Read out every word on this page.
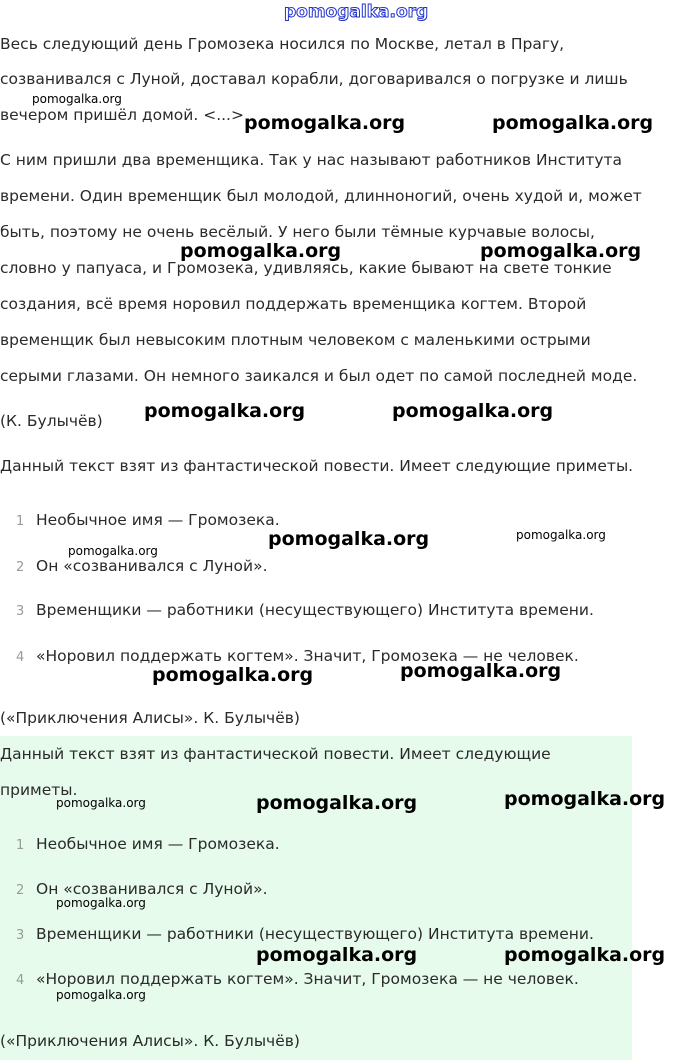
pomogalka.org
Весь следующий день Громозека носился по Москве, летал в Прагу,
созванивался с Луной, доставал корабли, договаривался о погрузке и лишь
вечером пришёл домой. <...>
С ним пришли два временщика. Так у нас называют работников Института
времени. Один временщик был молодой, длинноногий, очень худой и, может
быть, поэтому не очень весёлый. У него были тёмные курчавые волосы,
словно у папуаса, и Громозека, удивляясь, какие бывают на свете тонкие
создания, всё время норовил поддержать временщика когтем. Второй
временщик был невысоким плотным человеком с маленькими острыми
серыми глазами. Он немного заикался и был одет по самой последней моде.
(К. Булычёв)
Данный текст взят из фантастической повести. Имеет следующие приметы.
1 Необычное имя — Громозека.
2 Он «созванивался с Луной».
3 Временщики — работники (несуществующего) Института времени.
4 «Норовил поддержать когтем». Значит, Громозека — не человек.
(«Приключения Алисы». К. Булычёв)
Данный текст взят из фантастической повести. Имеет следующие
приметы.
1 Необычное имя — Громозека.
2 Он «созванивался с Луной».
3 Временщики — работники (несуществующего) Института времени.
4 «Норовил поддержать когтем». Значит, Громозека — не человек.
(«Приключения Алисы». К. Булычёв)
pomogalka.org	pomogalka.org
pomogalka.org	pomogalka.org
pomogalka.org	pomogalka.org
pomogalka.org
pomogalka.org	pomogalka.org
pomogalka.org	pomogalka.org
pomogalka.org	pomogalka.org
pomogalka.org
pomogalka.org
pomogalka.org
pomogalka.org
pomogalka.org
pomogalka.org
